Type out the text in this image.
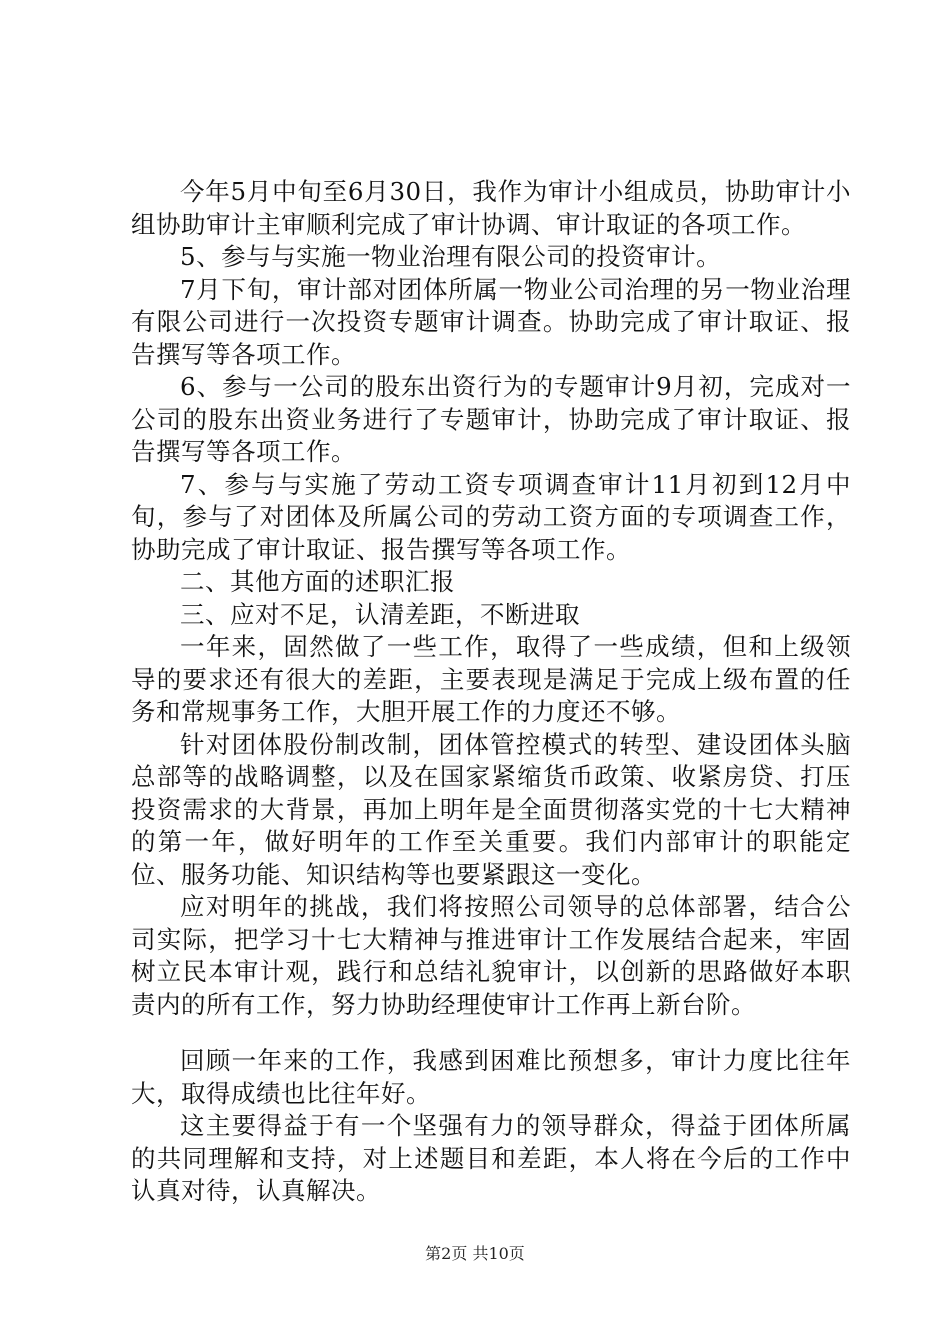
今年5月中旬至6月30日，我作为审计小组成员，协助审计小组协助审计主审顺利完成了审计协调、审计取证的各项工作。

5、参与与实施一物业治理有限公司的投资审计。

7月下旬，审计部对团体所属一物业公司治理的另一物业治理有限公司进行一次投资专题审计调查。协助完成了审计取证、报告撰写等各项工作。

6、参与一公司的股东出资行为的专题审计9月初，完成对一公司的股东出资业务进行了专题审计，协助完成了审计取证、报告撰写等各项工作。

7、参与与实施了劳动工资专项调查审计11月初到12月中旬，参与了对团体及所属公司的劳动工资方面的专项调查工作，协助完成了审计取证、报告撰写等各项工作。

二、其他方面的述职汇报

三、应对不足，认清差距，不断进取

一年来，固然做了一些工作，取得了一些成绩，但和上级领导的要求还有很大的差距，主要表现是满足于完成上级布置的任务和常规事务工作，大胆开展工作的力度还不够。

针对团体股份制改制，团体管控模式的转型、建设团体头脑总部等的战略调整，以及在国家紧缩货币政策、收紧房贷、打压投资需求的大背景，再加上明年是全面贯彻落实党的十七大精神的第一年，做好明年的工作至关重要。我们内部审计的职能定位、服务功能、知识结构等也要紧跟这一变化。

应对明年的挑战，我们将按照公司领导的总体部署，结合公司实际，把学习十七大精神与推进审计工作发展结合起来，牢固树立民本审计观，践行和总结礼貌审计，以创新的思路做好本职责内的所有工作，努力协助经理使审计工作再上新台阶。

回顾一年来的工作，我感到困难比预想多，审计力度比往年大，取得成绩也比往年好。

这主要得益于有一个坚强有力的领导群众，得益于团体所属的共同理解和支持，对上述题目和差距，本人将在今后的工作中认真对待，认真解决。

第2页 共10页
